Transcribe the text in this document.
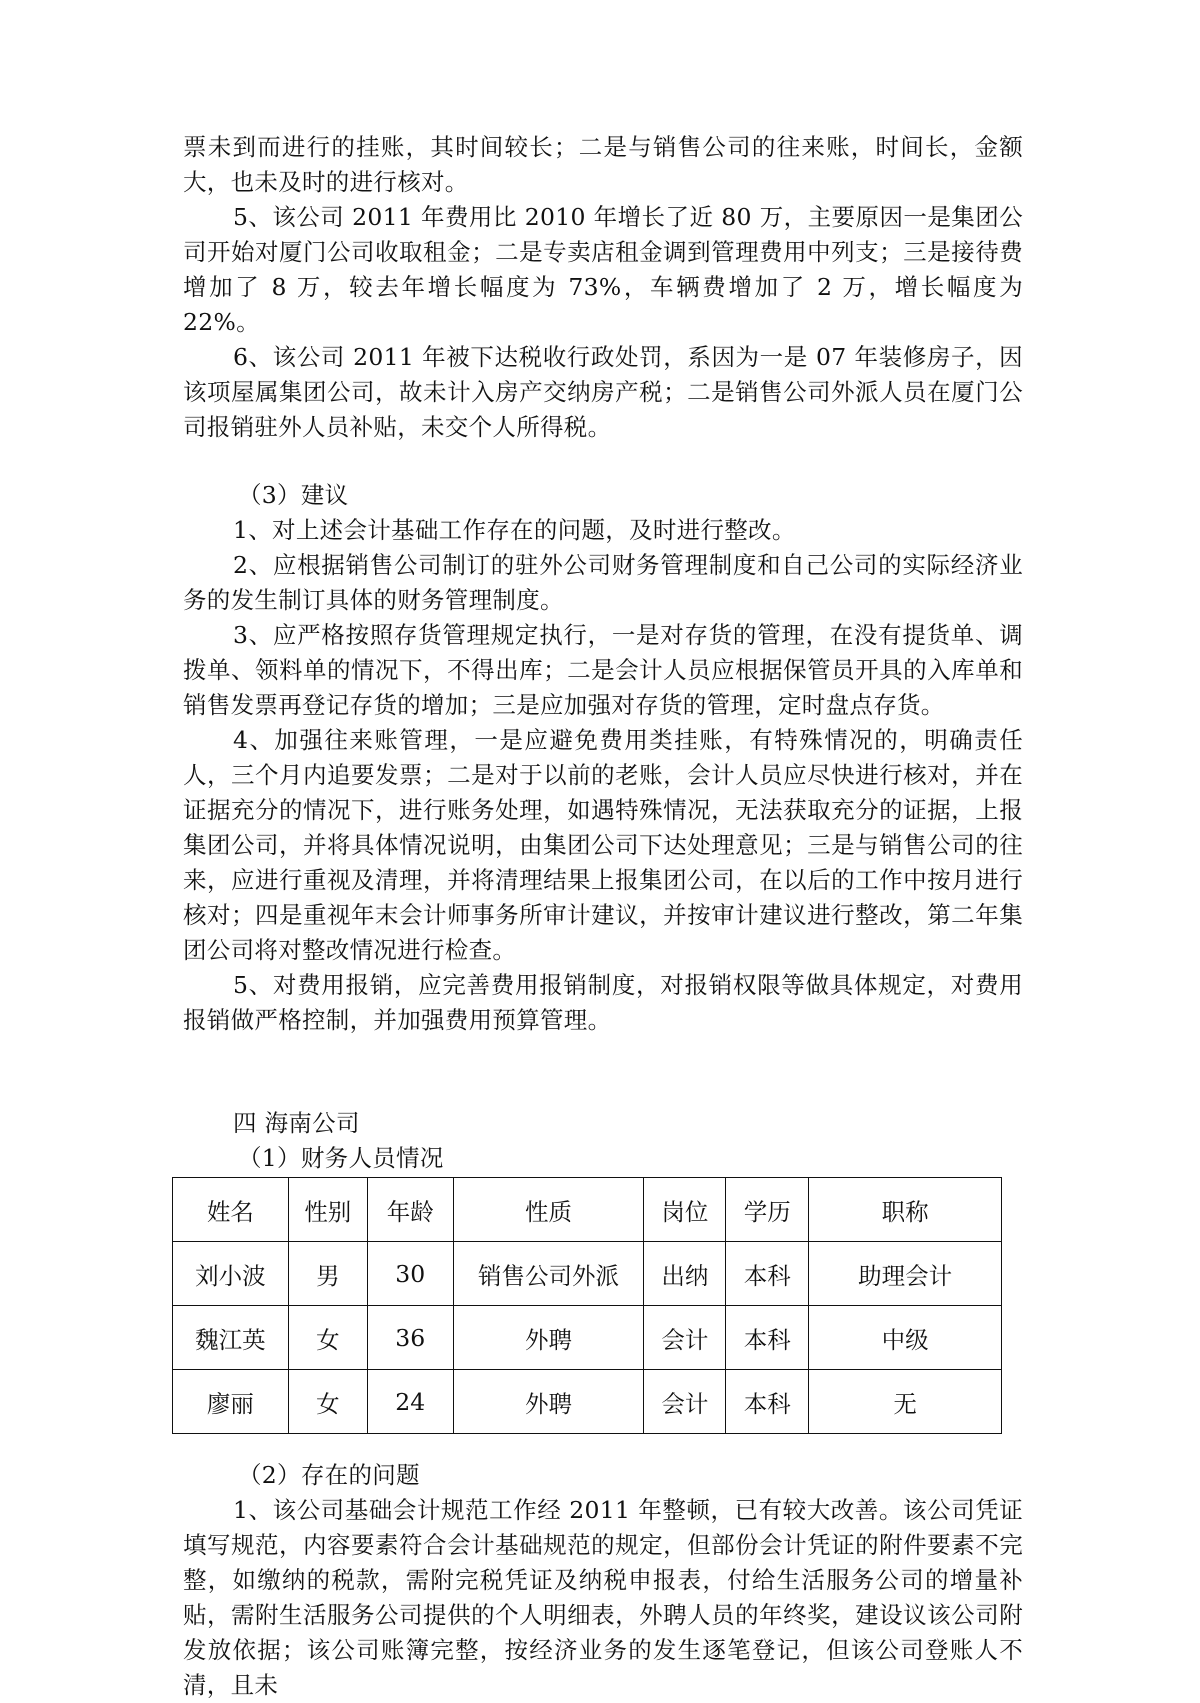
票未到而进行的挂账，其时间较长；二是与销售公司的往来账，时间长，金额大，也未及时的进行核对。

5、该公司 2011 年费用比 2010 年增长了近 80 万，主要原因一是集团公司开始对厦门公司收取租金；二是专卖店租金调到管理费用中列支；三是接待费增加了 8 万，较去年增长幅度为 73%，车辆费增加了 2 万，增长幅度为 22%。

6、该公司 2011 年被下达税收行政处罚，系因为一是 07 年装修房子，因该项屋属集团公司，故未计入房产交纳房产税；二是销售公司外派人员在厦门公司报销驻外人员补贴，未交个人所得税。

（3）建议

1、对上述会计基础工作存在的问题，及时进行整改。

2、应根据销售公司制订的驻外公司财务管理制度和自己公司的实际经济业务的发生制订具体的财务管理制度。

3、应严格按照存货管理规定执行，一是对存货的管理，在没有提货单、调拨单、领料单的情况下，不得出库；二是会计人员应根据保管员开具的入库单和销售发票再登记存货的增加；三是应加强对存货的管理，定时盘点存货。

4、加强往来账管理，一是应避免费用类挂账，有特殊情况的，明确责任人，三个月内追要发票；二是对于以前的老账，会计人员应尽快进行核对，并在证据充分的情况下，进行账务处理，如遇特殊情况，无法获取充分的证据，上报集团公司，并将具体情况说明，由集团公司下达处理意见；三是与销售公司的往来，应进行重视及清理，并将清理结果上报集团公司，在以后的工作中按月进行核对；四是重视年末会计师事务所审计建议，并按审计建议进行整改，第二年集团公司将对整改情况进行检查。

5、对费用报销，应完善费用报销制度，对报销权限等做具体规定，对费用报销做严格控制，并加强费用预算管理。

四 海南公司

（1）财务人员情况

姓名	性别	年龄	性质	岗位	学历	职称
刘小波	男	30	销售公司外派	出纳	本科	助理会计
魏江英	女	36	外聘	会计	本科	中级
廖丽	女	24	外聘	会计	本科	无

（2）存在的问题

1、该公司基础会计规范工作经 2011 年整顿，已有较大改善。该公司凭证填写规范，内容要素符合会计基础规范的规定，但部份会计凭证的附件要素不完整，如缴纳的税款，需附完税凭证及纳税申报表，付给生活服务公司的增量补贴，需附生活服务公司提供的个人明细表，外聘人员的年终奖，建设议该公司附发放依据；该公司账簿完整，按经济业务的发生逐笔登记，但该公司登账人不清，且未
